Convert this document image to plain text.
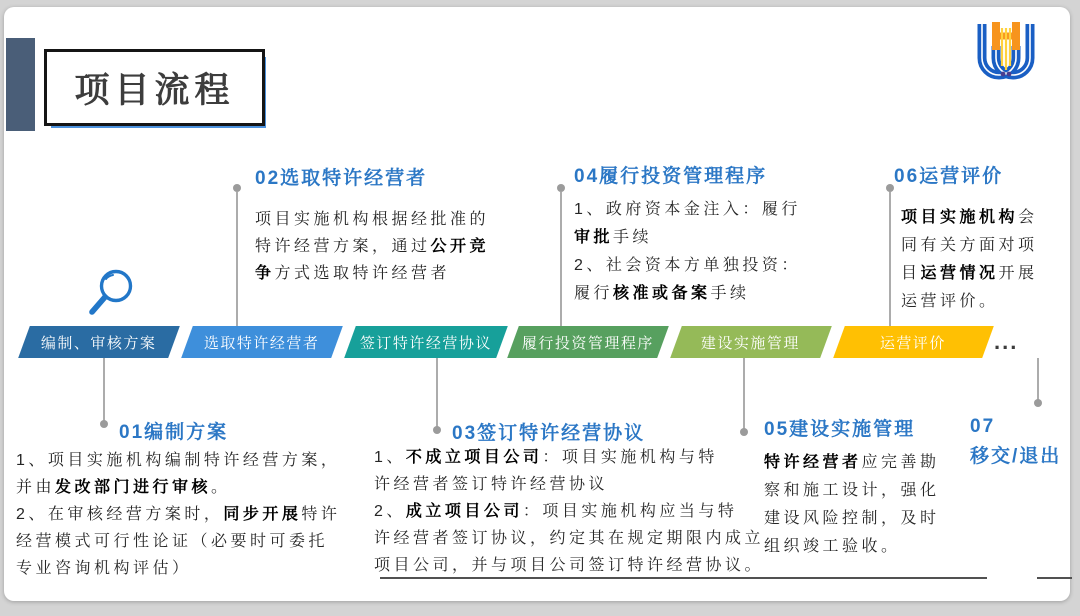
项目流程
编制、审核方案	选取特许经营者	签订特许经营协议 履行投资管理程序	建设实施管理	运营评价 ...
02选取特许经营者
项目实施机构根据经批准的
特许经营方案，通过公开竞
争方式选取特许经营者
04履行投资管理程序
1、政府资本金注入：履行
审批手续
2、社会资本方单独投资：
履行核准或备案手续
06运营评价
项目实施机构会
同有关方面对项
目运营情况开展
运营评价。
01编制方案
1、项目实施机构编制特许经营方案，
并由发改部门进行审核。
2、在审核经营方案时，同步开展特许
经营模式可行性论证（必要时可委托
专业咨询机构评估）
03签订特许经营协议
1、不成立项目公司：项目实施机构与特
许经营者签订特许经营协议
2、成立项目公司：项目实施机构应当与特
许经营者签订协议，约定其在规定期限内成立
项目公司，并与项目公司签订特许经营协议。
05建设实施管理
特许经营者应完善勘
察和施工设计，强化
建设风险控制，及时
组织竣工验收。
07
移交/退出
